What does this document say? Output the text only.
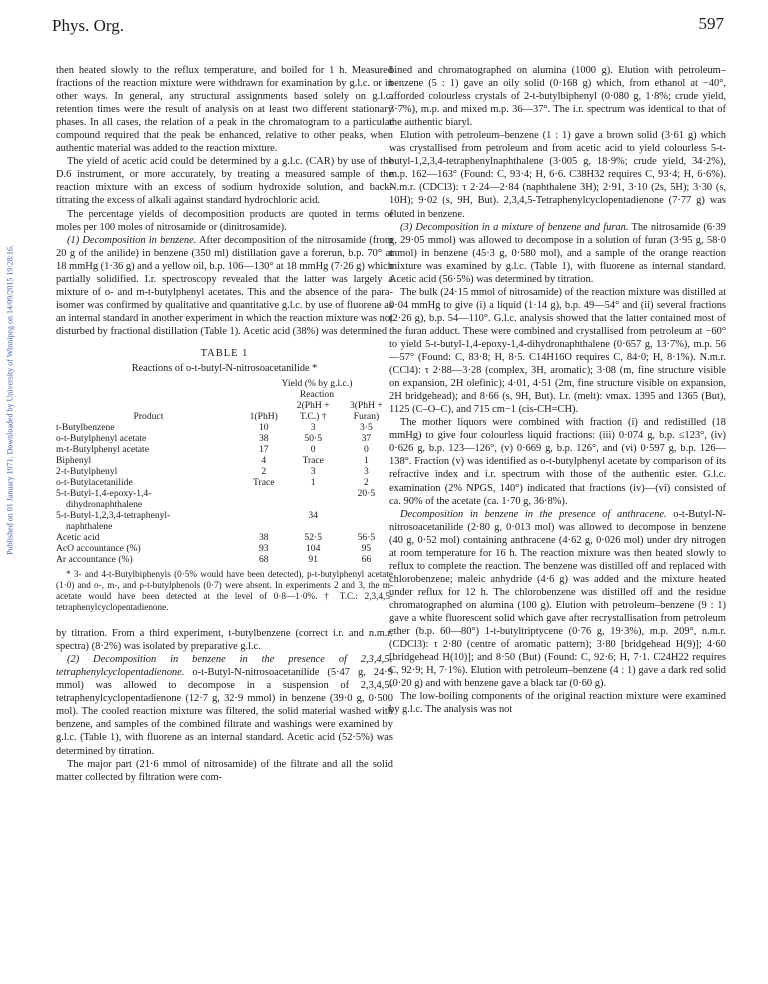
Phys. Org.	597
Published on 01 January 1971. Downloaded by University of Winnipeg on 14/09/2015 19:28:16.

then heated slowly to the reflux temperature, and boiled for 1 h. Measured fractions of the reaction mixture were withdrawn for examination by g.l.c. or in other ways. In general, any structural assignments based solely on g.l.c. retention times were the result of analysis on at least two different stationary phases. In all cases, the relation of a peak in the chromatogram to a particular compound required that the peak be enhanced, relative to other peaks, when authentic material was added to the reaction mixture.

The yield of acetic acid could be determined by a g.l.c. (CAR) by use of the D.6 instrument, or more accurately, by treating a measured sample of the reaction mixture with an excess of sodium hydroxide solution, and back-titrating the excess of alkali against standard hydrochloric acid.

The percentage yields of decomposition products are quoted in terms of moles per 100 moles of nitrosamide or (dinitrosamide).

(1) Decomposition in benzene. After decomposition of the nitrosamide (from 20 g of the anilide) in benzene (350 ml) distillation gave a forerun, b.p. 70° at 18 mmHg (1·36 g) and a yellow oil, b.p. 106—130° at 18 mmHg (7·26 g) which partially solidified. I.r. spectroscopy revealed that the latter was largely a mixture of o- and m-t-butylphenyl acetates. This and the absence of the para-isomer was confirmed by qualitative and quantitative g.l.c. by use of fluorene as an internal standard in another experiment in which the reaction mixture was not disturbed by fractional distillation (Table 1). Acetic acid (38%) was determined

TABLE 1
Reactions of o-t-butyl-N-nitrosoacetanilide *
	Yield (% by g.l.c.)		
	Reaction		
		2(PhH +	3(PhH +
Product	1(PhH)	T.C.) †	Furan)
t-Butylbenzene	10	3	3·5
o-t-Butylphenyl acetate	38	50·5	37
m-t-Butylphenyl acetate	17	0	0
Biphenyl	4	Trace	1
2-t-Butylphenyl	2	3	3
o-t-Butylacetanilide	Trace	1	2
5-t-Butyl-1,4-epoxy-1,4-			20·5
dihydronaphthalene			
5-t-Butyl-1,2,3,4-tetraphenyl-		34	
naphthalene			
Acetic acid	38	52·5	56·5
AcO accountance (%)	93	104	95
Ar accountance (%)	68	91	66

* 3- and 4-t-Butylbiphenyls (0·5% would have been detected), p-t-butylphenyl acetate (1·0) and o-, m-, and p-t-butylphenols (0·7) were absent. In experiments 2 and 3, the m-acetate would have been detected at the level of 0·8—1·0%. † T.C.: 2,3,4,5-tetraphenylcyclopentadienone.

by titration. From a third experiment, t-butylbenzene (correct i.r. and n.m.r. spectra) (8·2%) was isolated by preparative g.l.c.

(2) Decomposition in benzene in the presence of 2,3,4,5-tetraphenylcyclopentadienone. o-t-Butyl-N-nitrosoacetanilide (5·47 g, 24·9 mmol) was allowed to decompose in a suspension of 2,3,4,5-tetraphenylcyclopentadienone (12·7 g, 32·9 mmol) in benzene (39·0 g, 0·500 mol). The cooled reaction mixture was filtered, the solid material washed with benzene, and samples of the combined filtrate and washings were examined by g.l.c. (Table 1), with fluorene as an internal standard. Acetic acid (52·5%) was determined by titration.

The major part (21·6 mmol of nitrosamide) of the filtrate and all the solid matter collected by filtration were com-

bined and chromatographed on alumina (1000 g). Elution with petroleum–benzene (5 : 1) gave an oily solid (0·168 g) which, from ethanol at −40°, afforded colourless crystals of 2-t-butylbiphenyl (0·080 g, 1·8%; crude yield, 3·7%), m.p. and mixed m.p. 36—37°. The i.r. spectrum was identical to that of the authentic biaryl.

Elution with petroleum–benzene (1 : 1) gave a brown solid (3·61 g) which was crystallised from petroleum and from acetic acid to yield colourless 5-t-butyl-1,2,3,4-tetraphenylnaphthalene (3·005 g, 18·9%; crude yield, 34·2%), m.p. 162—163° (Found: C, 93·4; H, 6·6. C38H32 requires C, 93·4; H, 6·6%). N.m.r. (CDCl3): τ 2·24—2·84 (naphthalene 3H); 2·91, 3·10 (2s, 5H); 3·30 (s, 10H); 9·02 (s, 9H, But). 2,3,4,5-Tetraphenylcyclopentadienone (7·77 g) was eluted in benzene.

(3) Decomposition in a mixture of benzene and furan. The nitrosamide (6·39 g, 29·05 mmol) was allowed to decompose in a solution of furan (3·95 g, 58·0 mmol) in benzene (45·3 g, 0·580 mol), and a sample of the orange reaction mixture was examined by g.l.c. (Table 1), with fluorene as internal standard. Acetic acid (56·5%) was determined by titration.

The bulk (24·15 mmol of nitrosamide) of the reaction mixture was distilled at 0·04 mmHg to give (i) a liquid (1·14 g), b.p. 49—54° and (ii) several fractions (2·26 g), b.p. 54—110°. G.l.c. analysis showed that the latter contained most of the furan adduct. These were combined and crystallised from petroleum at −60° to yield 5-t-butyl-1,4-epoxy-1,4-dihydronaphthalene (0·657 g, 13·7%), m.p. 56—57° (Found: C, 83·8; H, 8·5. C14H16O requires C, 84·0; H, 8·1%). N.m.r. (CCl4): τ 2·88—3·28 (complex, 3H, aromatic); 3·08 (m, fine structure visible on expansion, 2H olefinic); 4·01, 4·51 (2m, fine structure visible on expansion, 2H bridgehead); and 8·66 (s, 9H, But). I.r. (melt): νmax. 1395 and 1365 (But), 1125 (C–O–C), and 715 cm−1 (cis-CH=CH).

The mother liquors were combined with fraction (i) and redistilled (18 mmHg) to give four colourless liquid fractions: (iii) 0·074 g, b.p. ≤123°, (iv) 0·626 g, b.p. 123—126°, (v) 0·669 g, b.p. 126°, and (vi) 0·597 g, b.p. 126—138°. Fraction (v) was identified as o-t-butylphenyl acetate by comparison of its refractive index and i.r. spectrum with those of the authentic ester. G.l.c. examination (2% NPGS, 140°) indicated that fractions (iv)—(vi) consisted of ca. 90% of the acetate (ca. 1·70 g, 36·8%).

Decomposition in benzene in the presence of anthracene. o-t-Butyl-N-nitrosoacetanilide (2·80 g, 0·013 mol) was allowed to decompose in benzene (40 g, 0·52 mol) containing anthracene (4·62 g, 0·026 mol) under dry nitrogen at room temperature for 16 h. The reaction mixture was then heated slowly to reflux to complete the reaction. The benzene was distilled off and replaced with chlorobenzene; maleic anhydride (4·6 g) was added and the mixture heated under reflux for 12 h. The chlorobenzene was distilled off and the residue chromatographed on alumina (100 g). Elution with petroleum–benzene (9 : 1) gave a white fluorescent solid which gave after recrystallisation from petroleum ether (b.p. 60—80°) 1-t-butyltriptycene (0·76 g, 19·3%), m.p. 209°, n.m.r. (CDCl3): τ 2·80 (centre of aromatic pattern); 3·80 [bridgehead H(9)]; 4·60 [bridgehead H(10)]; and 8·50 (But) (Found: C, 92·6; H, 7·1. C24H22 requires C, 92·9; H, 7·1%). Elution with petroleum–benzene (4 : 1) gave a dark red solid (0·20 g) and with benzene gave a black tar (0·60 g).

The low-boiling components of the original reaction mixture were examined by g.l.c. The analysis was not
